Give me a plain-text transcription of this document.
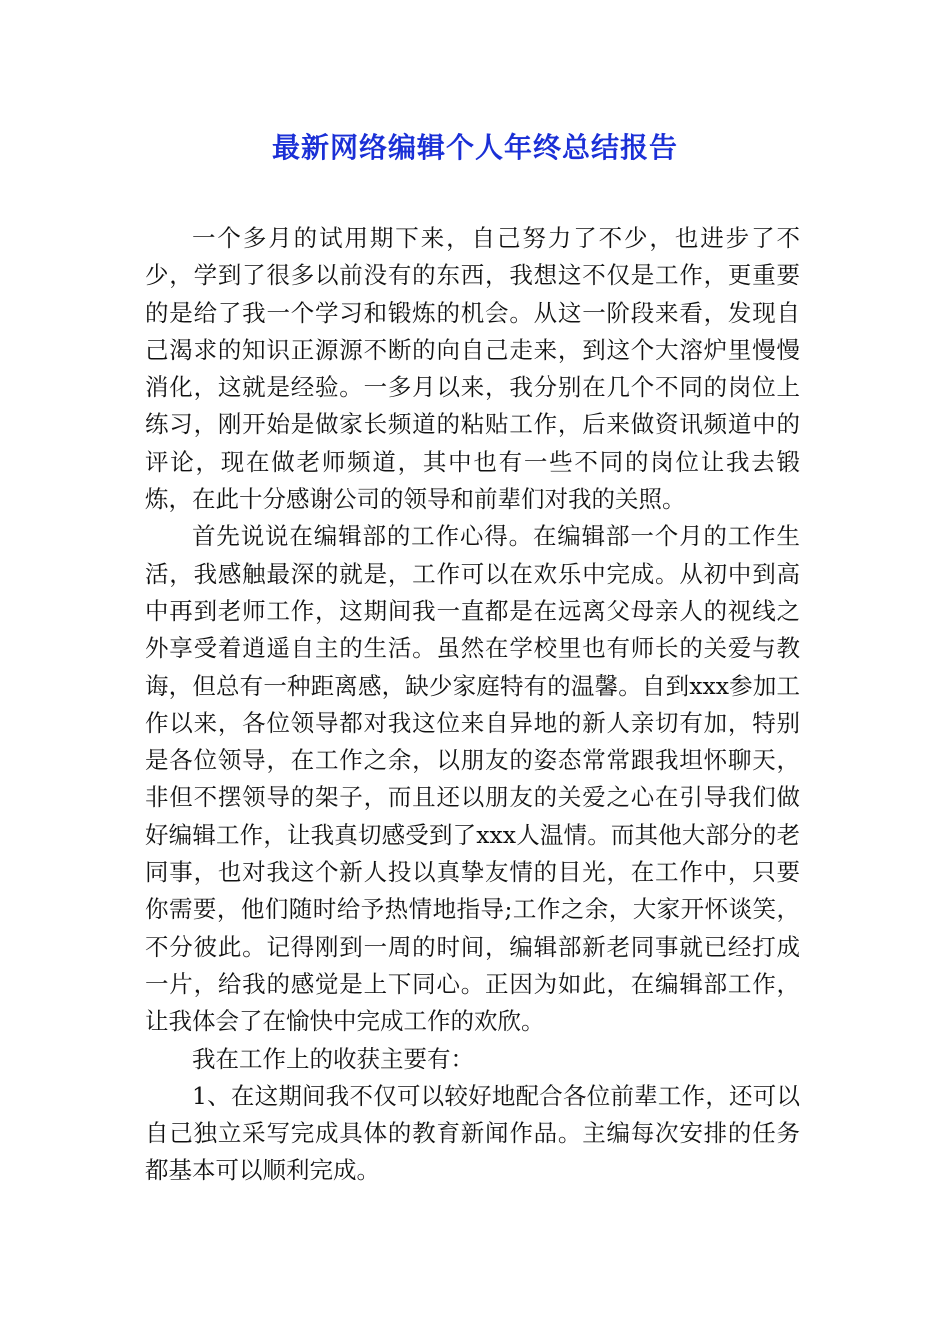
最新网络编辑个人年终总结报告

一个多月的试用期下来，自己努力了不少，也进步了不少，学到了很多以前没有的东西，我想这不仅是工作，更重要的是给了我一个学习和锻炼的机会。从这一阶段来看，发现自己渴求的知识正源源不断的向自己走来，到这个大溶炉里慢慢消化，这就是经验。一多月以来，我分别在几个不同的岗位上练习，刚开始是做家长频道的粘贴工作，后来做资讯频道中的评论，现在做老师频道，其中也有一些不同的岗位让我去锻炼，在此十分感谢公司的领导和前辈们对我的关照。

首先说说在编辑部的工作心得。在编辑部一个月的工作生活，我感触最深的就是，工作可以在欢乐中完成。从初中到高中再到老师工作，这期间我一直都是在远离父母亲人的视线之外享受着逍遥自主的生活。虽然在学校里也有师长的关爱与教诲，但总有一种距离感，缺少家庭特有的温馨。自到xxx参加工作以来，各位领导都对我这位来自异地的新人亲切有加，特别是各位领导，在工作之余，以朋友的姿态常常跟我坦怀聊天，非但不摆领导的架子，而且还以朋友的关爱之心在引导我们做好编辑工作，让我真切感受到了xxx人温情。而其他大部分的老同事，也对我这个新人投以真挚友情的目光，在工作中，只要你需要，他们随时给予热情地指导;工作之余，大家开怀谈笑，不分彼此。记得刚到一周的时间，编辑部新老同事就已经打成一片，给我的感觉是上下同心。正因为如此，在编辑部工作，让我体会了在愉快中完成工作的欢欣。

我在工作上的收获主要有：

1、在这期间我不仅可以较好地配合各位前辈工作，还可以自己独立采写完成具体的教育新闻作品。主编每次安排的任务都基本可以顺利完成。
